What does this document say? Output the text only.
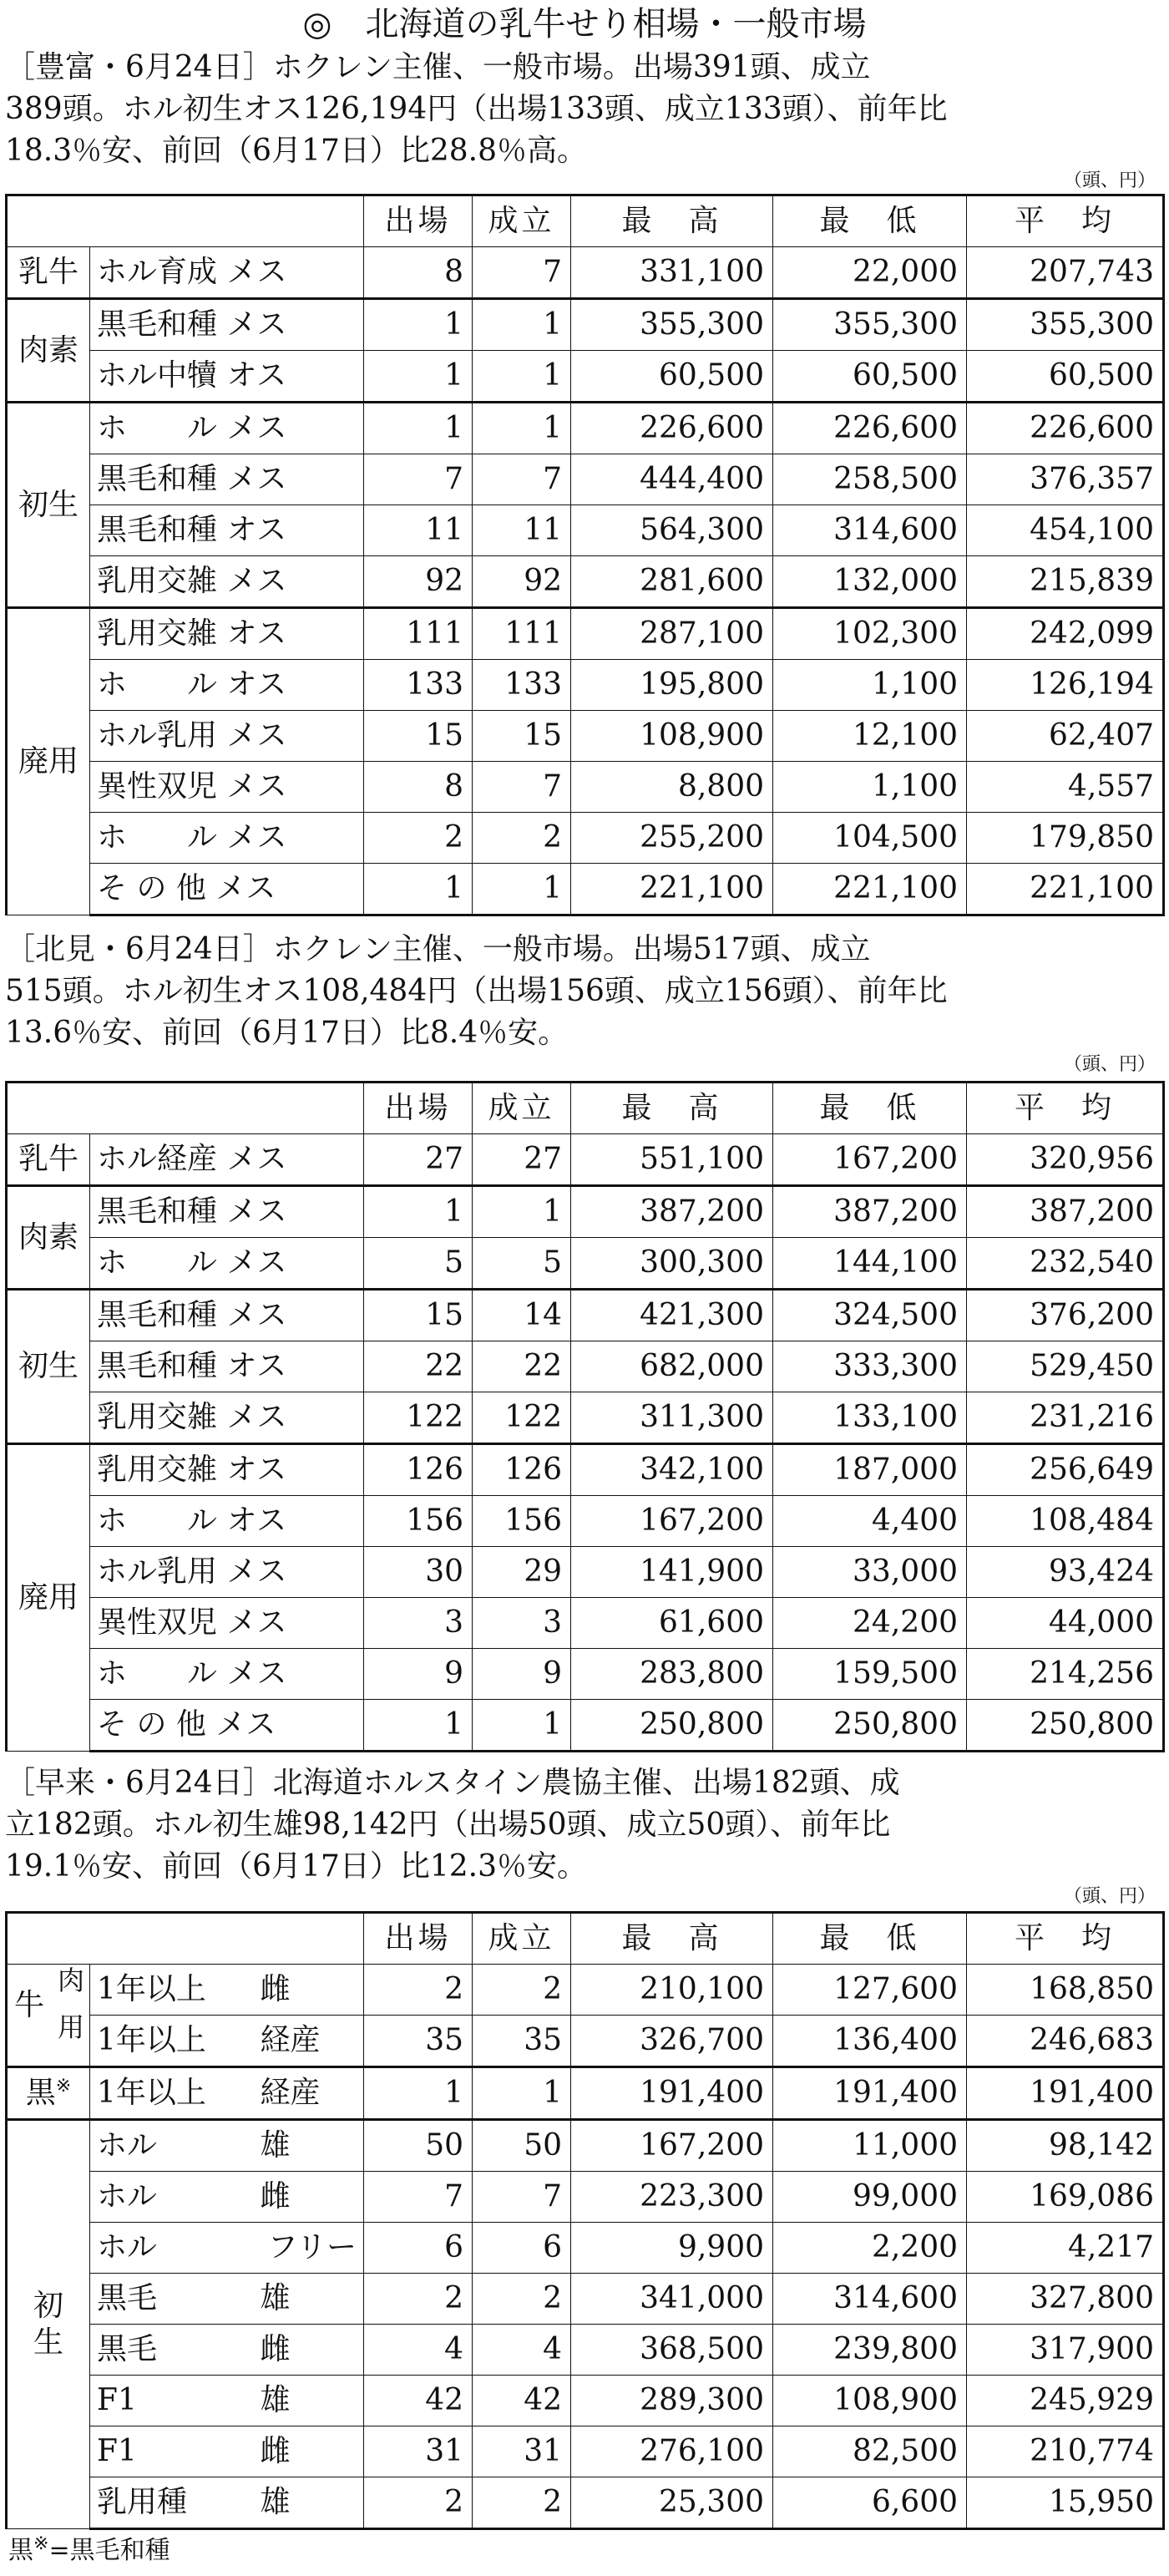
◎　北海道の乳牛せり相場・一般市場
［豊富・6月24日］ホクレン主催、一般市場。出場391頭、成立
389頭。ホル初生オス126,194円（出場133頭、成立133頭）、前年比
18.3％安、前回（6月17日）比28.8％高。
（頭、円）
		出場	成立	最　高	最　低	平　均
乳牛	ホル育成 メス	8	7	331,100	22,000	207,743
肉素	黒毛和種 メス	1	1	355,300	355,300	355,300
	ホル中犢 オス	1	1	60,500	60,500	60,500
初生	ホ　　ル メス	1	1	226,600	226,600	226,600
	黒毛和種 メス	7	7	444,400	258,500	376,357
	黒毛和種 オス	11	11	564,300	314,600	454,100
	乳用交雑 メス	92	92	281,600	132,000	215,839
廃用	乳用交雑 オス	111	111	287,100	102,300	242,099
	ホ　　ル オス	133	133	195,800	1,100	126,194
	ホル乳用 メス	15	15	108,900	12,100	62,407
	異性双児 メス	8	7	8,800	1,100	4,557
	ホ　　ル メス	2	2	255,200	104,500	179,850
	そ の 他 メス	1	1	221,100	221,100	221,100
［北見・6月24日］ホクレン主催、一般市場。出場517頭、成立
515頭。ホル初生オス108,484円（出場156頭、成立156頭）、前年比
13.6％安、前回（6月17日）比8.4％安。
（頭、円）
		出場	成立	最　高	最　低	平　均
乳牛	ホル経産 メス	27	27	551,100	167,200	320,956
肉素	黒毛和種 メス	1	1	387,200	387,200	387,200
	ホ　　ル メス	5	5	300,300	144,100	232,540
初生	黒毛和種 メス	15	14	421,300	324,500	376,200
	黒毛和種 オス	22	22	682,000	333,300	529,450
	乳用交雑 メス	122	122	311,300	133,100	231,216
廃用	乳用交雑 オス	126	126	342,100	187,000	256,649
	ホ　　ル オス	156	156	167,200	4,400	108,484
	ホル乳用 メス	30	29	141,900	33,000	93,424
	異性双児 メス	3	3	61,600	24,200	44,000
	ホ　　ル メス	9	9	283,800	159,500	214,256
	そ の 他 メス	1	1	250,800	250,800	250,800
［早来・6月24日］北海道ホルスタイン農協主催、出場182頭、成
立182頭。ホル初生雄98,142円（出場50頭、成立50頭）、前年比
19.1％安、前回（6月17日）比12.3％安。
（頭、円）
			出場	成立	最　高	最　低	平　均

牛
肉
用	1年以上	雌	2	2	210,100	127,600	168,850
	1年以上	経産	35	35	326,700	136,400	246,683
黒※	1年以上	経産	1	1	191,400	191,400	191,400

初
生	ホル	雄	50	50	167,200	11,000	98,142
	ホル	雌	7	7	223,300	99,000	169,086
	ホル	フリー	6	6	9,900	2,200	4,217
	黒毛	雄	2	2	341,000	314,600	327,800
	黒毛	雌	4	4	368,500	239,800	317,900
	F1	雄	42	42	289,300	108,900	245,929
	F1	雌	31	31	276,100	82,500	210,774
	乳用種	雄	2	2	25,300	6,600	15,950
黒※=黒毛和種
